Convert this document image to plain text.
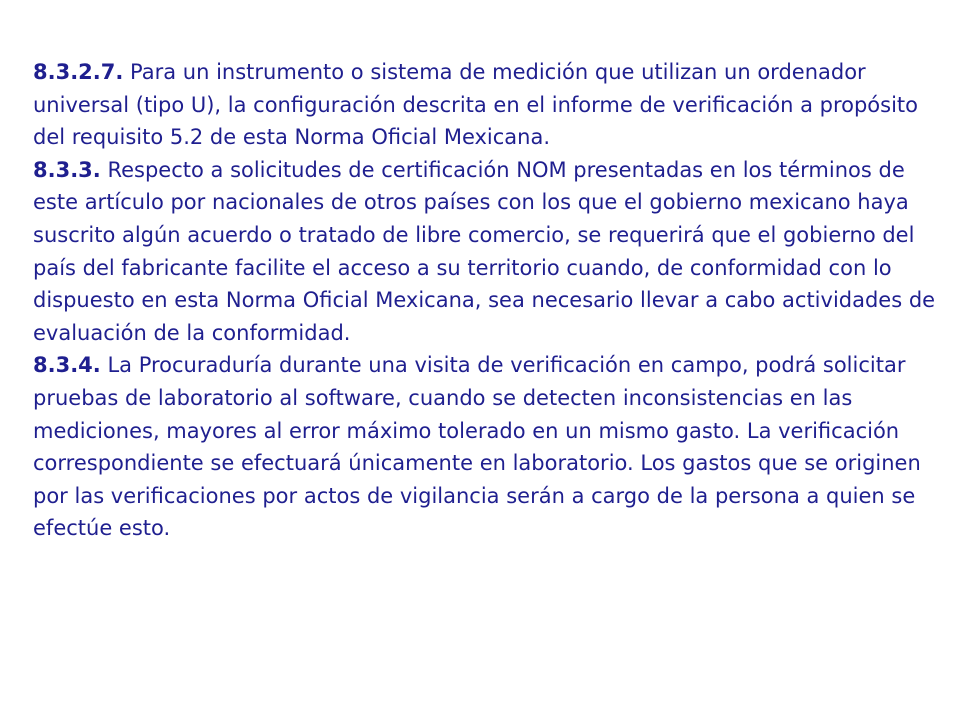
8.3.2.7. Para un instrumento o sistema de medición que utilizan un ordenador universal (tipo U), la configuración descrita en el informe de verificación a propósito del requisito 5.2 de esta Norma Oficial Mexicana.

8.3.3. Respecto a solicitudes de certificación NOM presentadas en los términos de este artículo por nacionales de otros países con los que el gobierno mexicano haya suscrito algún acuerdo o tratado de libre comercio, se requerirá que el gobierno del país del fabricante facilite el acceso a su territorio cuando, de conformidad con lo dispuesto en esta Norma Oficial Mexicana, sea necesario llevar a cabo actividades de evaluación de la conformidad.

8.3.4. La Procuraduría durante una visita de verificación en campo, podrá solicitar pruebas de laboratorio al software, cuando se detecten inconsistencias en las mediciones, mayores al error máximo tolerado en un mismo gasto. La verificación correspondiente se efectuará únicamente en laboratorio. Los gastos que se originen por las verificaciones por actos de vigilancia serán a cargo de la persona a quien se efectúe esto.
